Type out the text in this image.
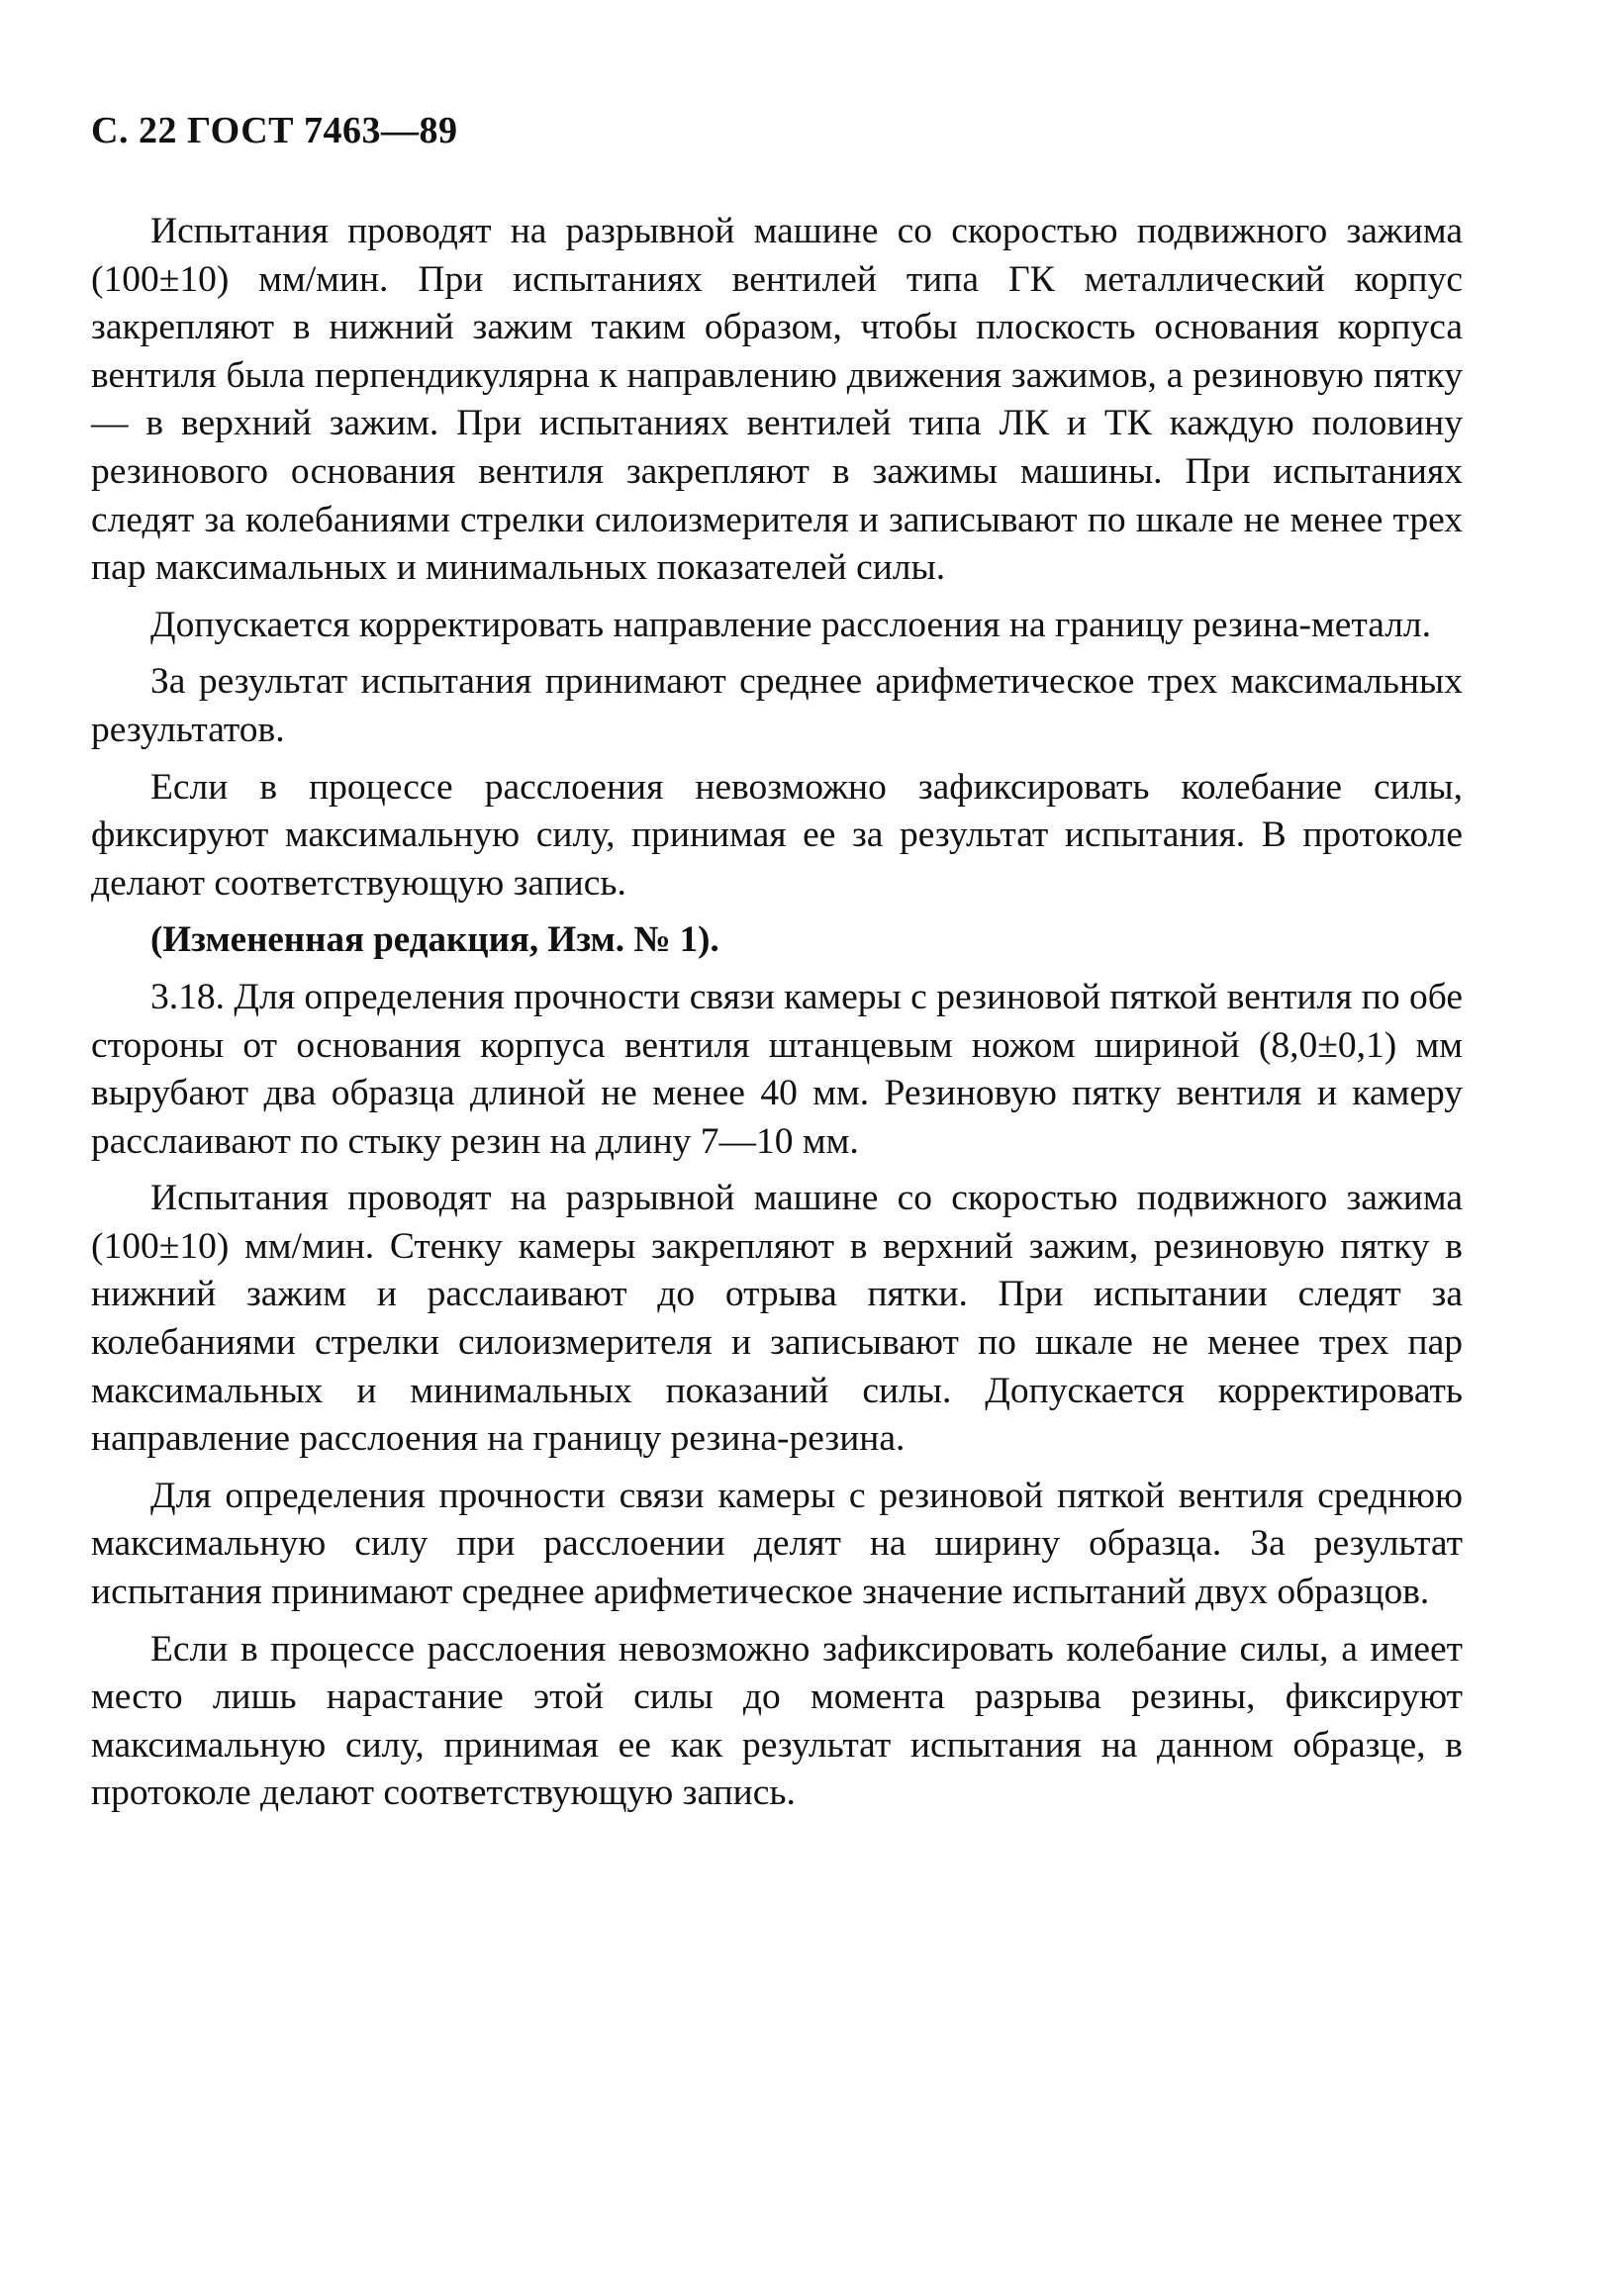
С. 22 ГОСТ 7463—89

Испытания проводят на разрывной машине со скоростью подвижного зажима (100±10) мм/мин. При испытаниях вентилей типа ГК металлический корпус закрепляют в нижний зажим таким образом, чтобы плоскость основания корпуса вентиля была перпендикулярна к направлению движения зажимов, а резиновую пятку — в верхний зажим. При испытаниях вентилей типа ЛК и ТК каждую половину резинового основания вентиля закрепляют в зажимы машины. При испытаниях следят за колебаниями стрелки силоизмерителя и записывают по шкале не менее трех пар максимальных и минимальных показателей силы.

Допускается корректировать направление расслоения на границу резина-металл.

За результат испытания принимают среднее арифметическое трех максимальных результатов.

Если в процессе расслоения невозможно зафиксировать колебание силы, фиксируют максимальную силу, принимая ее за результат испытания. В протоколе делают соответствующую запись.

(Измененная редакция, Изм. № 1).

3.18. Для определения прочности связи камеры с резиновой пяткой вентиля по обе стороны от основания корпуса вентиля штанцевым ножом шириной (8,0±0,1) мм вырубают два образца длиной не менее 40 мм. Резиновую пятку вентиля и камеру расслаивают по стыку резин на длину 7—10 мм.

Испытания проводят на разрывной машине со скоростью подвижного зажима (100±10) мм/мин. Стенку камеры закрепляют в верхний зажим, резиновую пятку в нижний зажим и расслаивают до отрыва пятки. При испытании следят за колебаниями стрелки силоизмерителя и записывают по шкале не менее трех пар максимальных и минимальных показаний силы. Допускается корректировать направление расслоения на границу резина-резина.

Для определения прочности связи камеры с резиновой пяткой вентиля среднюю максимальную силу при расслоении делят на ширину образца. За результат испытания принимают среднее арифметическое значение испытаний двух образцов.

Если в процессе расслоения невозможно зафиксировать колебание силы, а имеет место лишь нарастание этой силы до момента разрыва резины, фиксируют максимальную силу, принимая ее как результат испытания на данном образце, в протоколе делают соответствующую запись.
